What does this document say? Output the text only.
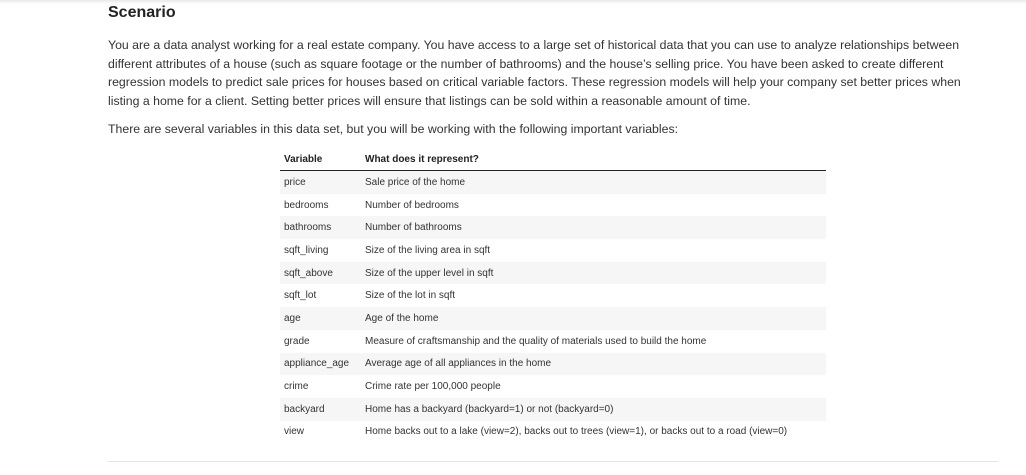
Scenario

You are a data analyst working for a real estate company. You have access to a large set of historical data that you can use to analyze relationships between different attributes of a house (such as square footage or the number of bathrooms) and the house’s selling price. You have been asked to create different regression models to predict sale prices for houses based on critical variable factors. These regression models will help your company set better prices when listing a home for a client. Setting better prices will ensure that listings can be sold within a reasonable amount of time.

There are several variables in this data set, but you will be working with the following important variables:

Variable	What does it represent?
price	Sale price of the home
bedrooms	Number of bedrooms
bathrooms	Number of bathrooms
sqft_living	Size of the living area in sqft
sqft_above	Size of the upper level in sqft
sqft_lot	Size of the lot in sqft
age	Age of the home
grade	Measure of craftsmanship and the quality of materials used to build the home
appliance_age	Average age of all appliances in the home
crime	Crime rate per 100,000 people
backyard	Home has a backyard (backyard=1) or not (backyard=0)
view	Home backs out to a lake (view=2), backs out to trees (view=1), or backs out to a road (view=0)
